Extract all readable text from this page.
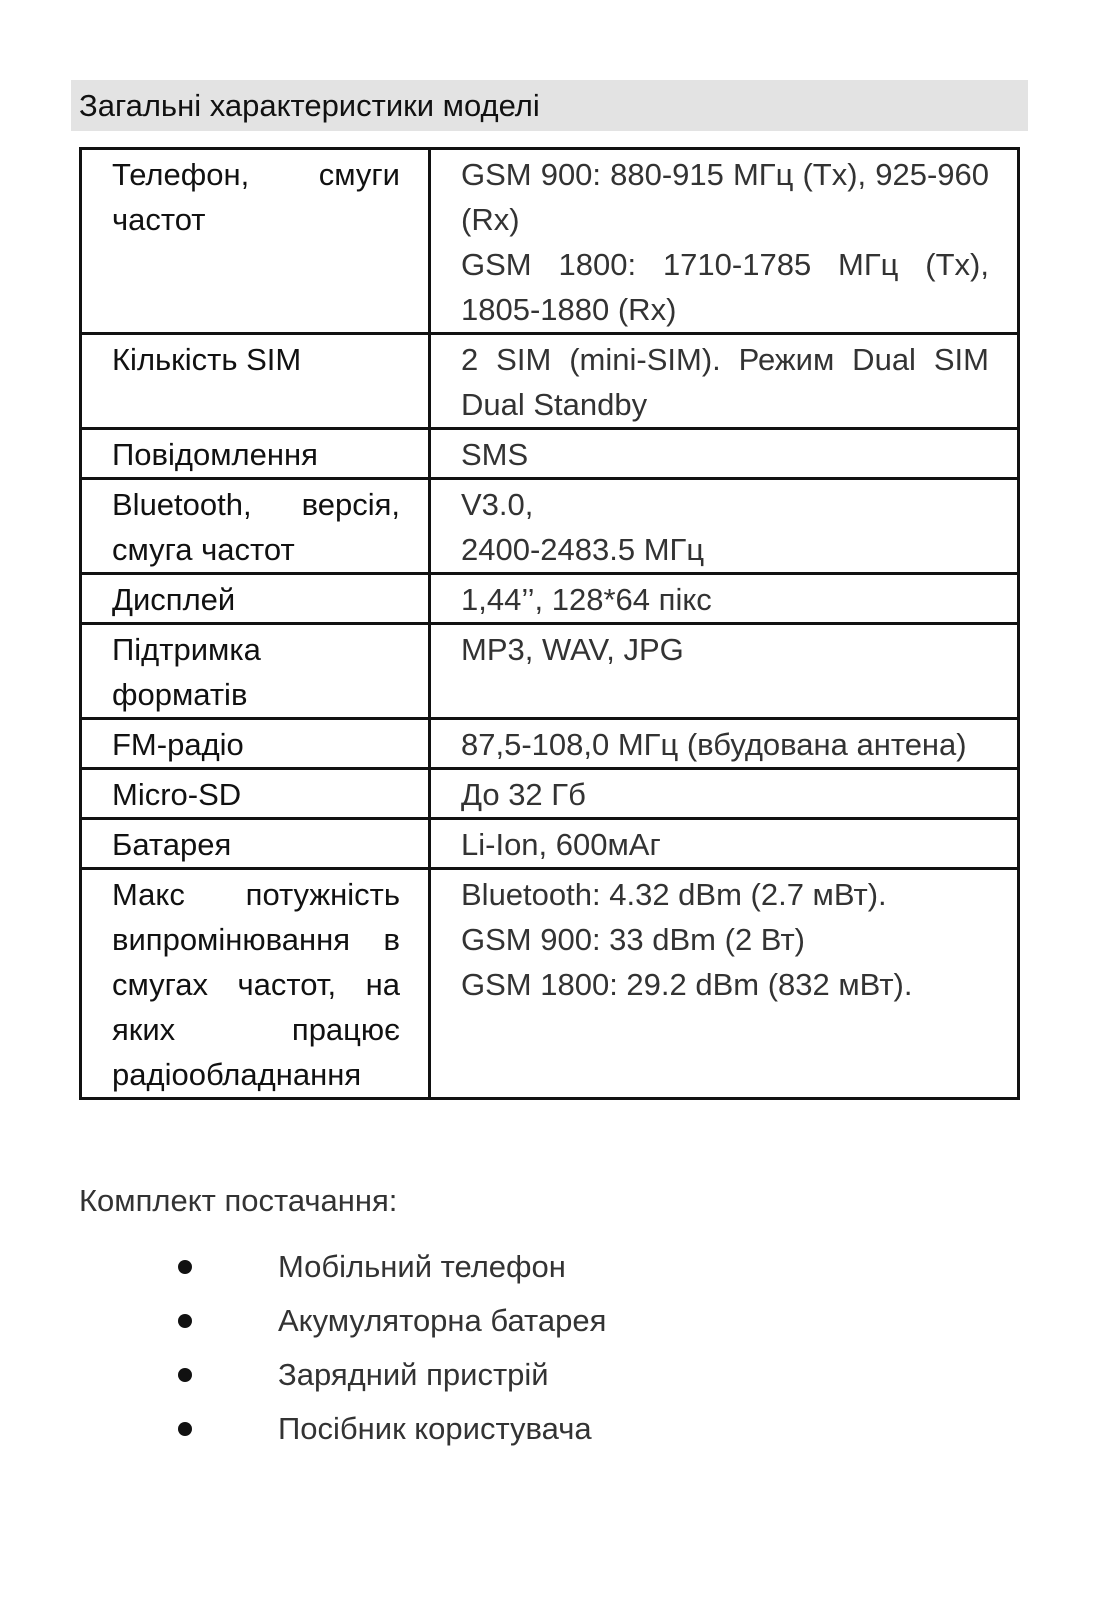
Загальні характеристики моделі
Телефон, смуги частот	GSM 900: 880-915 МГц (Tx), 925-960 (Rx)
GSM 1800: 1710-1785 МГц (Tx), 1805-1880 (Rx)

Кількість SIM	2 SIM (mini-SIM). Режим Dual SIM Dual Standby

Повідомлення	SMS

Bluetooth, версія, смуга частот	V3.0,
2400-2483.5 МГц

Дисплей	1,44’’, 128*64 пікс

Підтримка форматів	MP3, WAV, JPG

FM-радіо	87,5-108,0 МГц (вбудована антена)

Micro-SD	До 32 Гб

Батарея	Li-Ion, 600мАг

Макс потужність випромінювання в смугах частот, на яких працює радіообладнання	Bluetooth: 4.32 dBm (2.7 мВт).
GSM 900: 33 dBm (2 Вт)
GSM 1800: 29.2 dBm (832 мВт).
Комплект постачання:
Мобільний телефон
Акумуляторна батарея
Зарядний пристрій
Посібник користувача
